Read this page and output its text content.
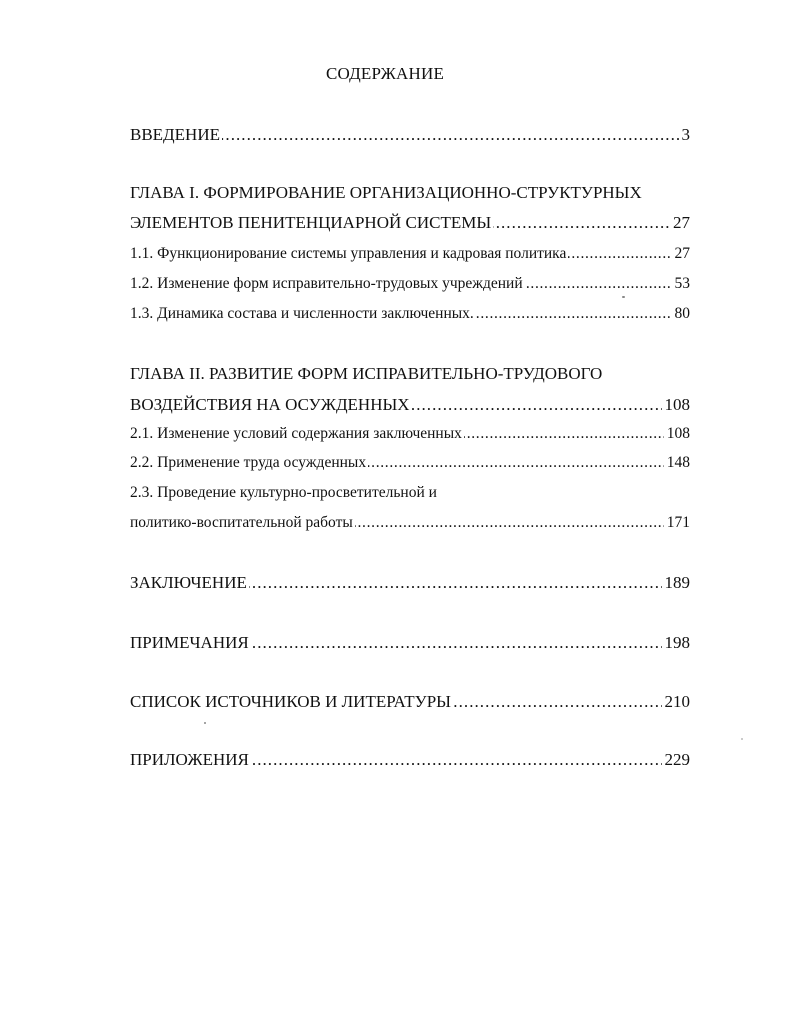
СОДЕРЖАНИЕ
ВВЕДЕНИЕ	3
. . .
ГЛАВА I. ФОРМИРОВАНИЕ ОРГАНИЗАЦИОННО-СТРУКТУРНЫХ
ЭЛЕМЕНТОВ ПЕНИТЕНЦИАРНОЙ СИСТЕМЫ	27
. . .
1.1. Функционирование системы управления и кадровая политика	27
. . .
1.2. Изменение форм исправительно-трудовых учреждений	53
. . .
1.3. Динамика состава и численности заключенных.	80
. . .
ГЛАВА II. РАЗВИТИЕ ФОРМ ИСПРАВИТЕЛЬНО-ТРУДОВОГО
ВОЗДЕЙСТВИЯ НА ОСУЖДЕННЫХ	108
. . .
2.1. Изменение условий содержания заключенных	108
. . .
2.2. Применение труда осужденных	148
. . .
2.3. Проведение культурно-просветительной и
политико-воспитательной работы	171
. . .
ЗАКЛЮЧЕНИЕ	189
. . .
ПРИМЕЧАНИЯ	198
. . .
СПИСОК ИСТОЧНИКОВ И ЛИТЕРАТУРЫ	210
. . .
ПРИЛОЖЕНИЯ	229
. . .
